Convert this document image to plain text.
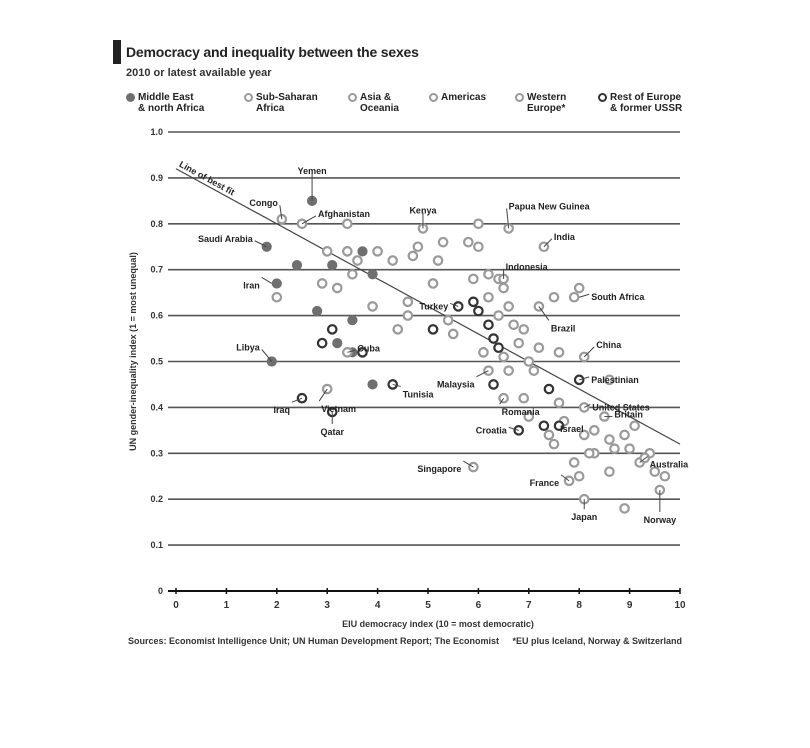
Democracy and inequality between the sexes
2010 or latest available year
Middle East
& north Africa
Sub-Saharan
Africa
Asia &
Oceania
Americas	Western
Europe*
Rest of Europe
& former USSR
0
0.1
0.2
0.3
0.4
0.5
0.6
0.7
0.8
0.9
1.0
0	1	2	3	4	5	6	7	8	9	10
EIU democracy index (10 = most democratic)
UN gender-inequality index (1 = most unequal)
Line of best fit	Yemen
Congo
Afghanistan	Kenya	Papua New Guinea
India
Saudi Arabia
Indonesia
Iran
South Africa
Turkey
Brazil
Libya	Cuba	China
Malaysia	Palestinian
Iraq	Vietnam
Tunisia
Romania	United States
Qatar	Israel
Britain
Croatia
Singapore	Australia
France
Japan	Norway
Sources: Economist Intelligence Unit; UN Human Development Report; The Economist *EU plus Iceland, Norway & Switzerland
